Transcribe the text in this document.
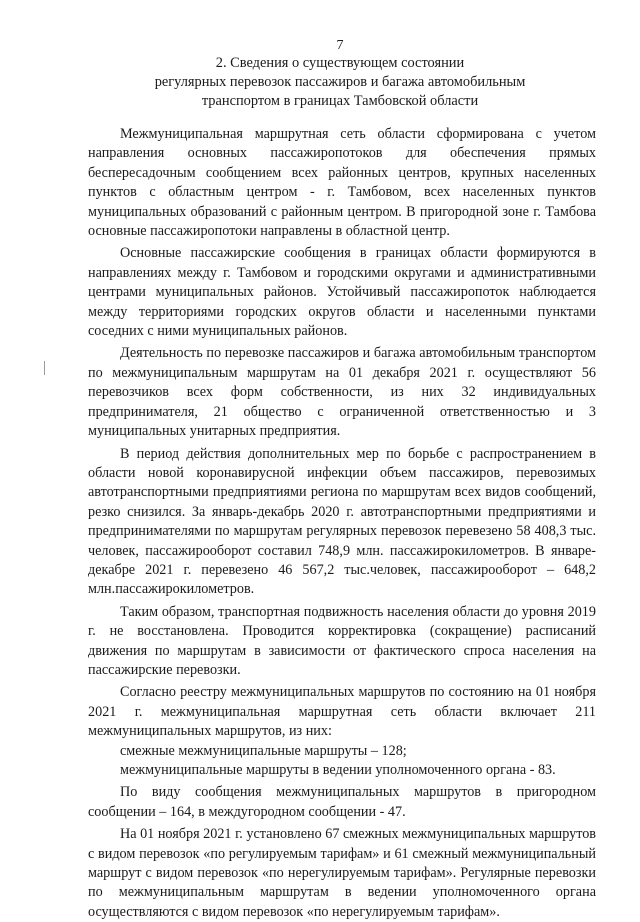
7
2. Сведения о существующем состоянии
регулярных перевозок пассажиров и багажа автомобильным
транспортом в границах Тамбовской области

Межмуниципальная маршрутная сеть области сформирована с учетом направления основных пассажиропотоков для обеспечения прямых беспересадочным сообщением всех районных центров, крупных населенных пунктов с областным центром - г. Тамбовом, всех населенных пунктов муниципальных образований с районным центром. В пригородной зоне г. Тамбова основные пассажиропотоки направлены в областной центр.

Основные пассажирские сообщения в границах области формируются в направлениях между г. Тамбовом и городскими округами и административными центрами муниципальных районов. Устойчивый пассажиропоток наблюдается между территориями городских округов области и населенными пунктами соседних с ними муниципальных районов.

Деятельность по перевозке пассажиров и багажа автомобильным транспортом по межмуниципальным маршрутам на 01 декабря 2021 г. осуществляют 56 перевозчиков всех форм собственности, из них 32 индивидуальных предпринимателя, 21 общество с ограниченной ответственностью и 3 муниципальных унитарных предприятия.

В период действия дополнительных мер по борьбе с распространением в области новой коронавирусной инфекции объем пассажиров, перевозимых автотранспортными предприятиями региона по маршрутам всех видов сообщений, резко снизился. За январь-декабрь 2020 г. автотранспортными предприятиями и предпринимателями по маршрутам регулярных перевозок перевезено 58 408,3 тыс. человек, пассажирооборот составил 748,9 млн. пассажирокилометров. В январе-декабре 2021 г. перевезено 46 567,2 тыс.человек, пассажирооборот – 648,2 млн.пассажирокилометров.

Таким образом, транспортная подвижность населения области до уровня 2019 г. не восстановлена. Проводится корректировка (сокращение) расписаний движения по маршрутам в зависимости от фактического спроса населения на пассажирские перевозки.

Согласно реестру межмуниципальных маршрутов по состоянию на 01 ноября 2021 г. межмуниципальная маршрутная сеть области включает 211 межмуниципальных маршрутов, из них:

смежные межмуниципальные маршруты – 128;

межмуниципальные маршруты в ведении уполномоченного органа - 83.

По виду сообщения межмуниципальных маршрутов в пригородном сообщении – 164, в междугородном сообщении - 47.

На 01 ноября 2021 г. установлено 67 смежных межмуниципальных маршрутов с видом перевозок «по регулируемым тарифам» и 61 смежный межмуниципальный маршрут с видом перевозок «по нерегулируемым тарифам». Регулярные перевозки по межмуниципальным маршрутам в ведении уполномоченного органа осуществляются с видом перевозок «по нерегулируемым тарифам».
